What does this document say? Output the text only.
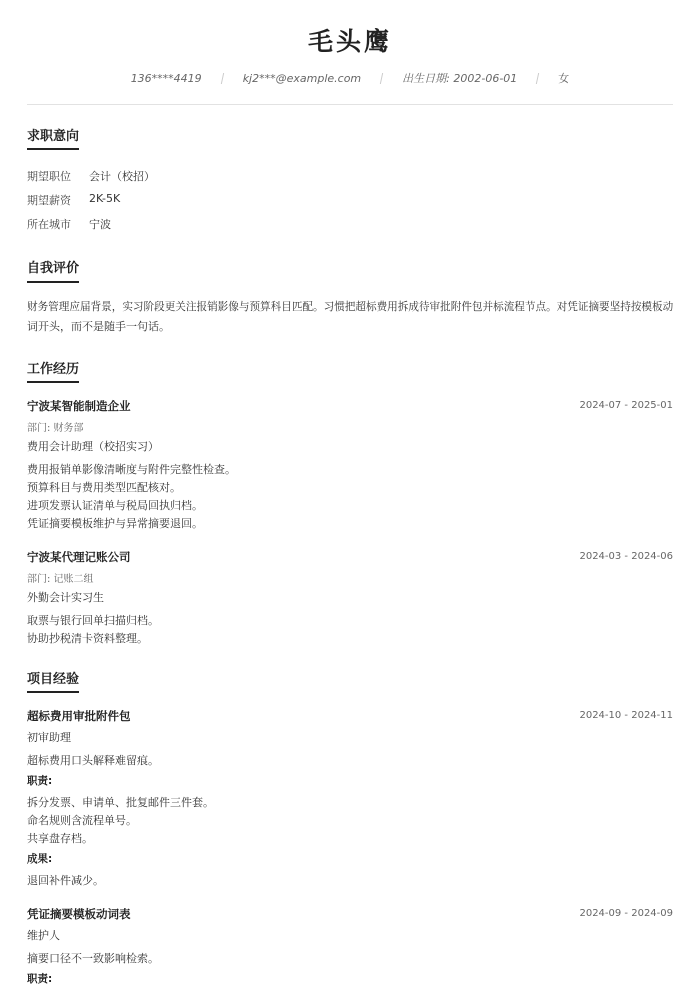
毛头鹰
136****4419	kj2***@example.com	出生日期: 2002-06-01	女
求职意向
期望职位	会计（校招）
期望薪资	2K-5K
所在城市	宁波
自我评价
财务管理应届背景，实习阶段更关注报销影像与预算科目匹配。习惯把超标费用拆成待审批附件包并标流程节点。对凭证摘要坚持按模板动
词开头，而不是随手一句话。
工作经历
宁波某智能制造企业	2024-07 - 2025-01
部门: 财务部
费用会计助理（校招实习）
费用报销单影像清晰度与附件完整性检查。
预算科目与费用类型匹配核对。
进项发票认证清单与税局回执归档。
凭证摘要模板维护与异常摘要退回。
宁波某代理记账公司	2024-03 - 2024-06
部门: 记账二组
外勤会计实习生
取票与银行回单扫描归档。
协助抄税清卡资料整理。
项目经验
超标费用审批附件包	2024-10 - 2024-11
初审助理
超标费用口头解释难留痕。
职责:
拆分发票、申请单、批复邮件三件套。
命名规则含流程单号。
共享盘存档。
成果:
退回补件减少。
凭证摘要模板动词表	2024-09 - 2024-09
维护人
摘要口径不一致影响检索。
职责:
